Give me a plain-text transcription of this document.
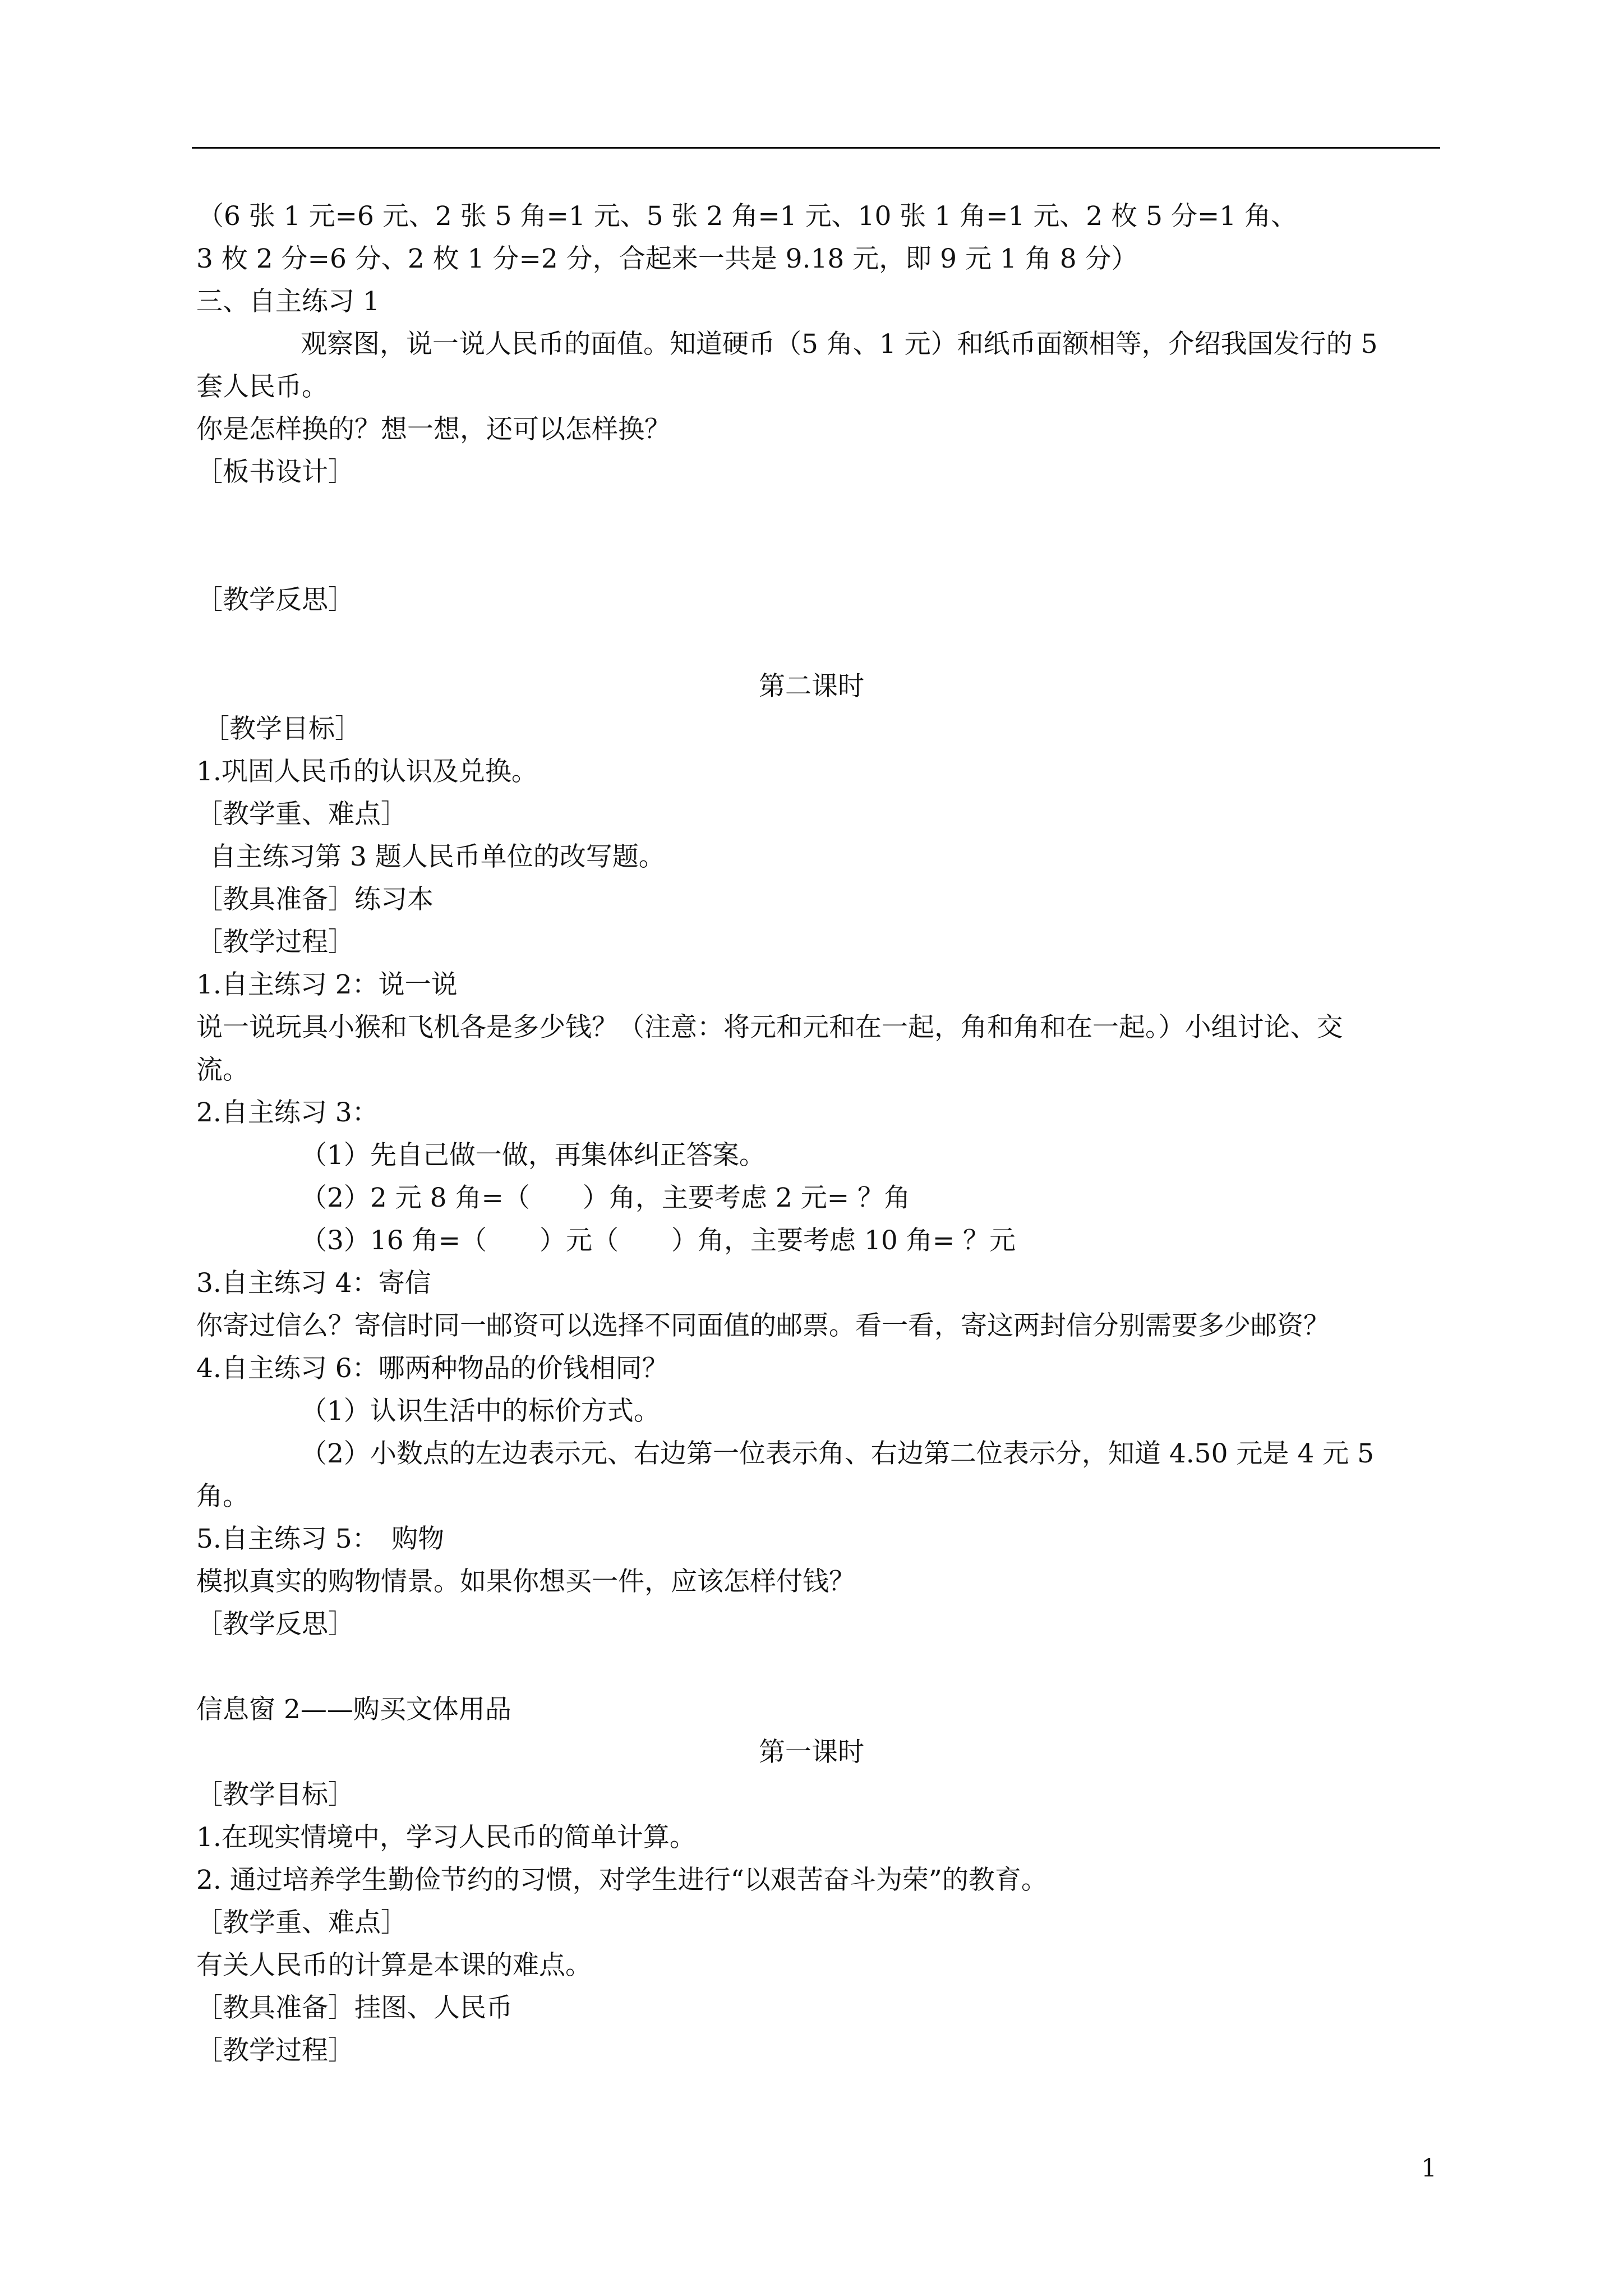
（6 张 1 元=6 元、2 张 5 角=1 元、5 张 2 角=1 元、10 张 1 角=1 元、2 枚 5 分=1 角、
3 枚 2 分=6 分、2 枚 1 分=2 分，合起来一共是 9.18 元，即 9 元 1 角 8 分）
三、自主练习 1
观察图，说一说人民币的面值。知道硬币（5 角、1 元）和纸币面额相等，介绍我国发行的 5
套人民币。
你是怎样换的？想一想，还可以怎样换？
［板书设计］
［教学反思］
第二课时
［教学目标］
1.巩固人民币的认识及兑换。
［教学重、难点］
自主练习第 3 题人民币单位的改写题。
［教具准备］练习本
［教学过程］
1.自主练习 2：说一说
说一说玩具小猴和飞机各是多少钱？（注意：将元和元和在一起，角和角和在一起。）小组讨论、交
流。
2.自主练习 3：
（1）先自己做一做，再集体纠正答案。
（2）2 元 8 角=（　　）角，主要考虑 2 元= ？角
（3）16 角=（　　）元（　　）角，主要考虑 10 角= ？元
3.自主练习 4：寄信
你寄过信么？寄信时同一邮资可以选择不同面值的邮票。看一看，寄这两封信分别需要多少邮资？
4.自主练习 6：哪两种物品的价钱相同？
（1）认识生活中的标价方式。
（2）小数点的左边表示元、右边第一位表示角、右边第二位表示分，知道 4.50 元是 4 元 5
角。
5.自主练习 5：　购物
模拟真实的购物情景。如果你想买一件，应该怎样付钱？
［教学反思］
信息窗 2——购买文体用品
第一课时
［教学目标］
1.在现实情境中，学习人民币的简单计算。
2. 通过培养学生勤俭节约的习惯，对学生进行“以艰苦奋斗为荣”的教育。
［教学重、难点］
有关人民币的计算是本课的难点。
［教具准备］挂图、人民币
［教学过程］
1
